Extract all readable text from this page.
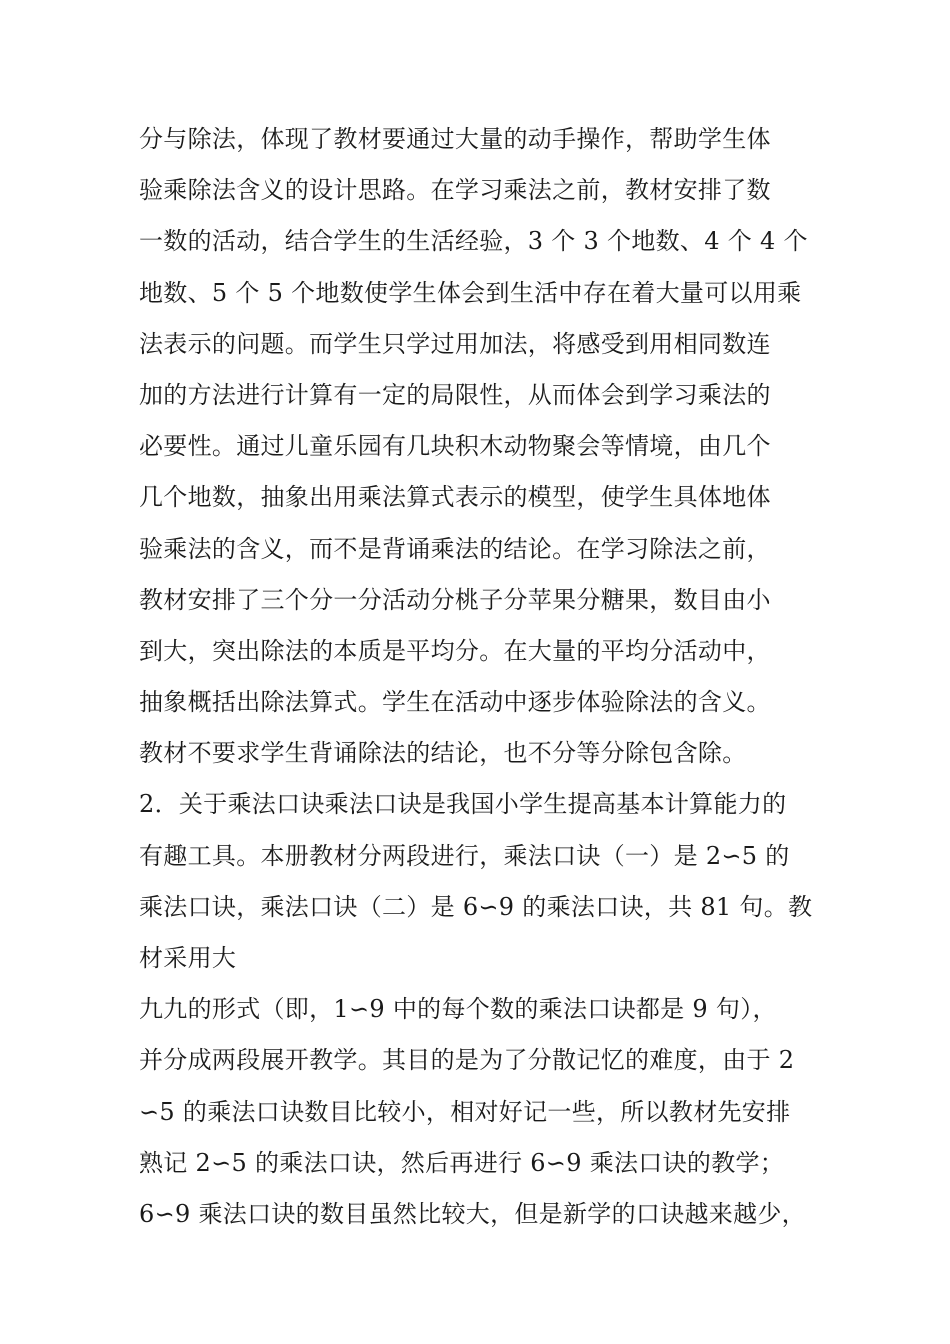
分与除法，体现了教材要通过大量的动手操作，帮助学生体
验乘除法含义的设计思路。在学习乘法之前，教材安排了数
一数的活动，结合学生的生活经验，3 个 3 个地数、4 个 4 个
地数、5 个 5 个地数使学生体会到生活中存在着大量可以用乘
法表示的问题。而学生只学过用加法，将感受到用相同数连
加的方法进行计算有一定的局限性，从而体会到学习乘法的
必要性。通过儿童乐园有几块积木动物聚会等情境，由几个
几个地数，抽象出用乘法算式表示的模型，使学生具体地体
验乘法的含义，而不是背诵乘法的结论。在学习除法之前，
教材安排了三个分一分活动分桃子分苹果分糖果，数目由小
到大，突出除法的本质是平均分。在大量的平均分活动中，
抽象概括出除法算式。学生在活动中逐步体验除法的含义。
教材不要求学生背诵除法的结论，也不分等分除包含除。
2．关于乘法口诀乘法口诀是我国小学生提高基本计算能力的
有趣工具。本册教材分两段进行，乘法口诀（一）是 2∽5 的
乘法口诀，乘法口诀（二）是 6∽9 的乘法口诀，共 81 句。教
材采用大
九九的形式（即，1∽9 中的每个数的乘法口诀都是 9 句），
并分成两段展开教学。其目的是为了分散记忆的难度，由于 2
∽5 的乘法口诀数目比较小，相对好记一些，所以教材先安排
熟记 2∽5 的乘法口诀，然后再进行 6∽9 乘法口诀的教学；
6∽9 乘法口诀的数目虽然比较大，但是新学的口诀越来越少，
